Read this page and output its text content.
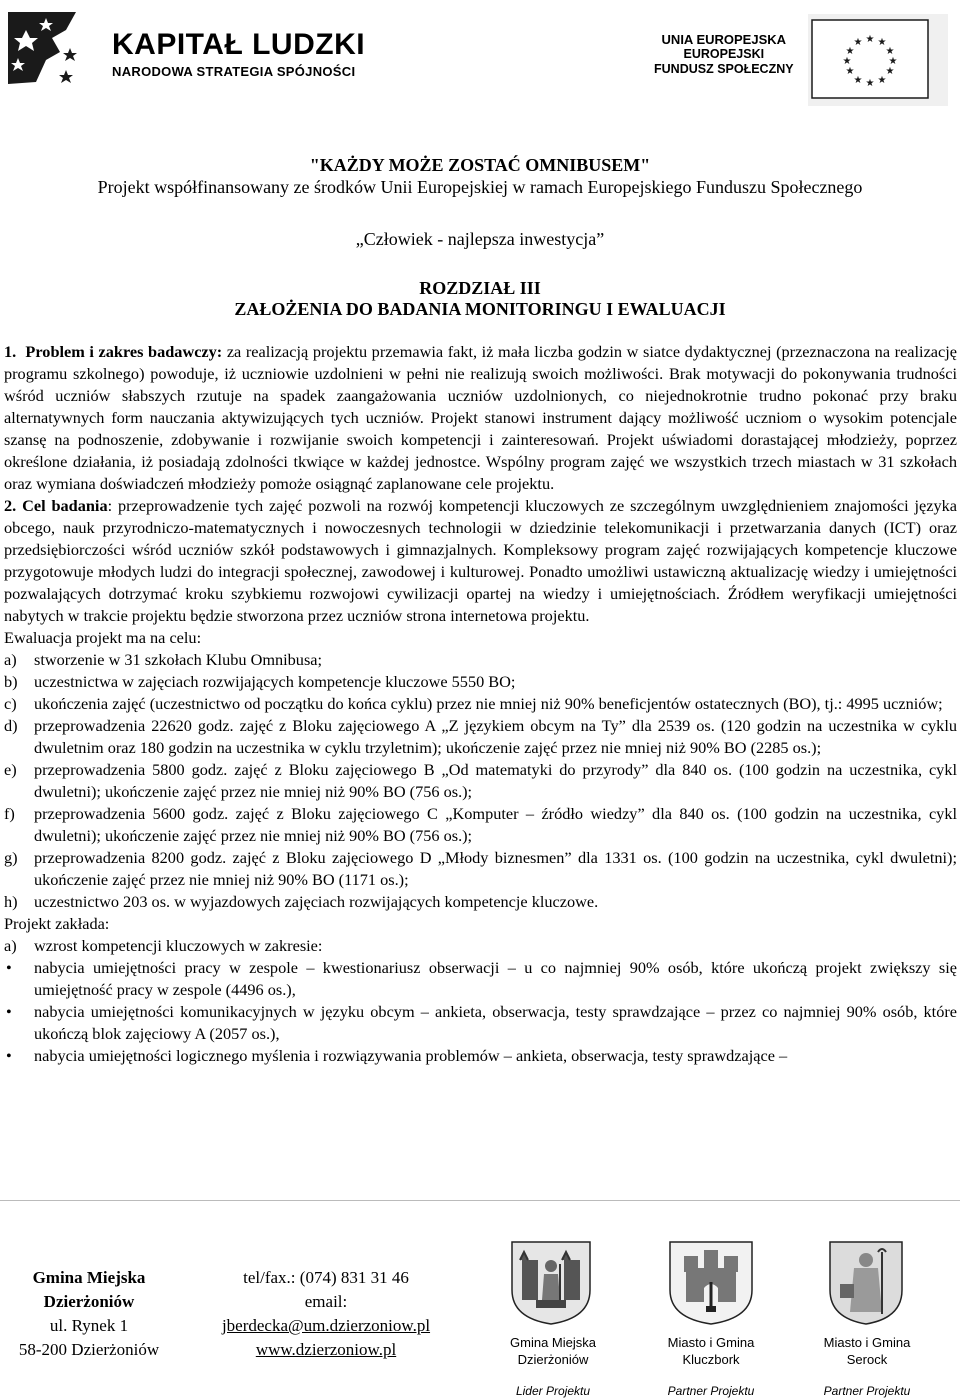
KAPITAŁ LUDZKI
NARODOWA STRATEGIA SPÓJNOŚCI
UNIA EUROPEJSKA
EUROPEJSKI
FUNDUSZ SPOŁECZNY
★ ★
★
★
★
★
★
★
★
★
★
★
"KAŻDY MOŻE ZOSTAĆ OMNIBUSEM"
Projekt współfinansowany ze środków Unii Europejskiej w ramach Europejskiego Funduszu Społecznego
„Człowiek - najlepsza inwestycja”
ROZDZIAŁ III
ZAŁOŻENIA DO BADANIA MONITORINGU I EWALUACJI

1. Problem i zakres badawczy: za realizacją projektu przemawia fakt, iż mała liczba godzin w siatce dydaktycznej (przeznaczona na realizację programu szkolnego) powoduje, iż uczniowie uzdolnieni w pełni nie realizują swoich możliwości. Brak motywacji do pokonywania trudności wśród uczniów słabszych rzutuje na spadek zaangażowania uczniów uzdolnionych, co niejednokrotnie trudno pokonać przy braku alternatywnych form nauczania aktywizujących tych uczniów. Projekt stanowi instrument dający możliwość uczniom o wysokim potencjale szansę na podnoszenie, zdobywanie i rozwijanie swoich kompetencji i zainteresowań. Projekt uświadomi dorastającej młodzieży, poprzez określone działania, iż posiadają zdolności tkwiące w każdej jednostce. Wspólny program zajęć we wszystkich trzech miastach w 31 szkołach oraz wymiana doświadczeń młodzieży pomoże osiągnąć zaplanowane cele projektu.

2. Cel badania: przeprowadzenie tych zajęć pozwoli na rozwój kompetencji kluczowych ze szczególnym uwzględnieniem znajomości języka obcego, nauk przyrodniczo-matematycznych i nowoczesnych technologii w dziedzinie telekomunikacji i przetwarzania danych (ICT) oraz przedsiębiorczości wśród uczniów szkół podstawowych i gimnazjalnych. Kompleksowy program zajęć rozwijających kompetencje kluczowe przygotowuje młodych ludzi do integracji społecznej, zawodowej i kulturowej. Ponadto umożliwi ustawiczną aktualizację wiedzy i umiejętności pozwalających dotrzymać kroku szybkiemu rozwojowi cywilizacji opartej na wiedzy i umiejętnościach. Źródłem weryfikacji umiejętności nabytych w trakcie projektu będzie stworzona przez uczniów strona internetowa projektu.

Ewaluacja projekt ma na celu:

a) stworzenie w 31 szkołach Klubu Omnibusa;
b) uczestnictwa w zajęciach rozwijających kompetencje kluczowe 5550 BO;
c) ukończenia zajęć (uczestnictwo od początku do końca cyklu) przez nie mniej niż 90% beneficjentów ostatecznych (BO), tj.: 4995 uczniów;
d) przeprowadzenia 22620 godz. zajęć z Bloku zajęciowego A „Z językiem obcym na Ty” dla 2539 os. (120 godzin na uczestnika w cyklu dwuletnim oraz 180 godzin na uczestnika w cyklu trzyletnim); ukończenie zajęć przez nie mniej niż 90% BO (2285 os.);
e) przeprowadzenia 5800 godz. zajęć z Bloku zajęciowego B „Od matematyki do przyrody” dla 840 os. (100 godzin na uczestnika, cykl dwuletni); ukończenie zajęć przez nie mniej niż 90% BO (756 os.);
f) przeprowadzenia 5600 godz. zajęć z Bloku zajęciowego C „Komputer – źródło wiedzy” dla 840 os. (100 godzin na uczestnika, cykl dwuletni); ukończenie zajęć przez nie mniej niż 90% BO (756 os.);
g) przeprowadzenia 8200 godz. zajęć z Bloku zajęciowego D „Młody biznesmen” dla 1331 os. (100 godzin na uczestnika, cykl dwuletni); ukończenie zajęć przez nie mniej niż 90% BO (1171 os.);
h) uczestnictwo 203 os. w wyjazdowych zajęciach rozwijających kompetencje kluczowe.

Projekt zakłada:

a) wzrost kompetencji kluczowych w zakresie:
• nabycia umiejętności pracy w zespole – kwestionariusz obserwacji – u co najmniej 90% osób, które ukończą projekt zwiększy się umiejętność pracy w zespole (4496 os.),
• nabycia umiejętności komunikacyjnych w języku obcym – ankieta, obserwacja, testy sprawdzające – przez co najmniej 90% osób, które ukończą blok zajęciowy A (2057 os.),
• nabycia umiejętności logicznego myślenia i rozwiązywania problemów – ankieta, obserwacja, testy sprawdzające –
Gmina Miejska
Dzierżoniów
ul. Rynek 1
58-200 Dzierżoniów
tel/fax.: (074) 831 31 46
email:
jberdecka@um.dzierzoniow.pl
www.dzierzoniow.pl	Gmina Miejska
Dzierżoniów
Miasto i Gmina
Kluczbork
Miasto i Gmina
Serock
Lider Projektu	Partner Projektu	Partner Projektu
